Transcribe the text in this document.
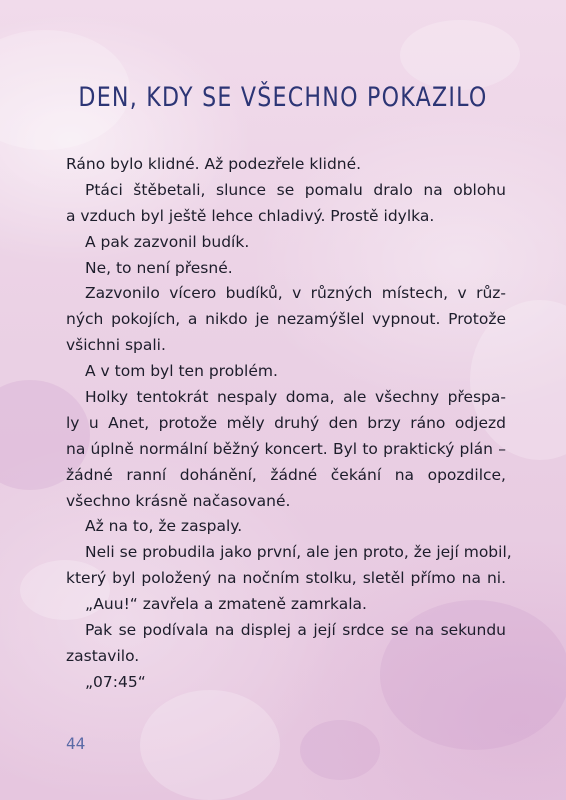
DEN, KDY SE VŠECHNO POKAZILO
Ráno bylo klidné. Až podezřele klidné.
Ptáci štěbetali, slunce se pomalu dralo na oblohu
a vzduch byl ještě lehce chladivý. Prostě idylka.
A pak zazvonil budík.
Ne, to není přesné.
Zazvonilo vícero budíků, v různých místech, v růz-
ných pokojích, a nikdo je nezamýšlel vypnout. Protože
všichni spali.
A v tom byl ten problém.
Holky tentokrát nespaly doma, ale všechny přespa-
ly u Anet, protože měly druhý den brzy ráno odjezd
na úplně normální běžný koncert. Byl to praktický plán –
žádné ranní dohánění, žádné čekání na opozdilce,
všechno krásně načasované.
Až na to, že zaspaly.
Neli se probudila jako první, ale jen proto, že její mobil,
který byl položený na nočním stolku, sletěl přímo na ni.
„Auu!“ zavřela a zmateně zamrkala.
Pak se podívala na displej a její srdce se na sekundu
zastavilo.
„07:45“
44
